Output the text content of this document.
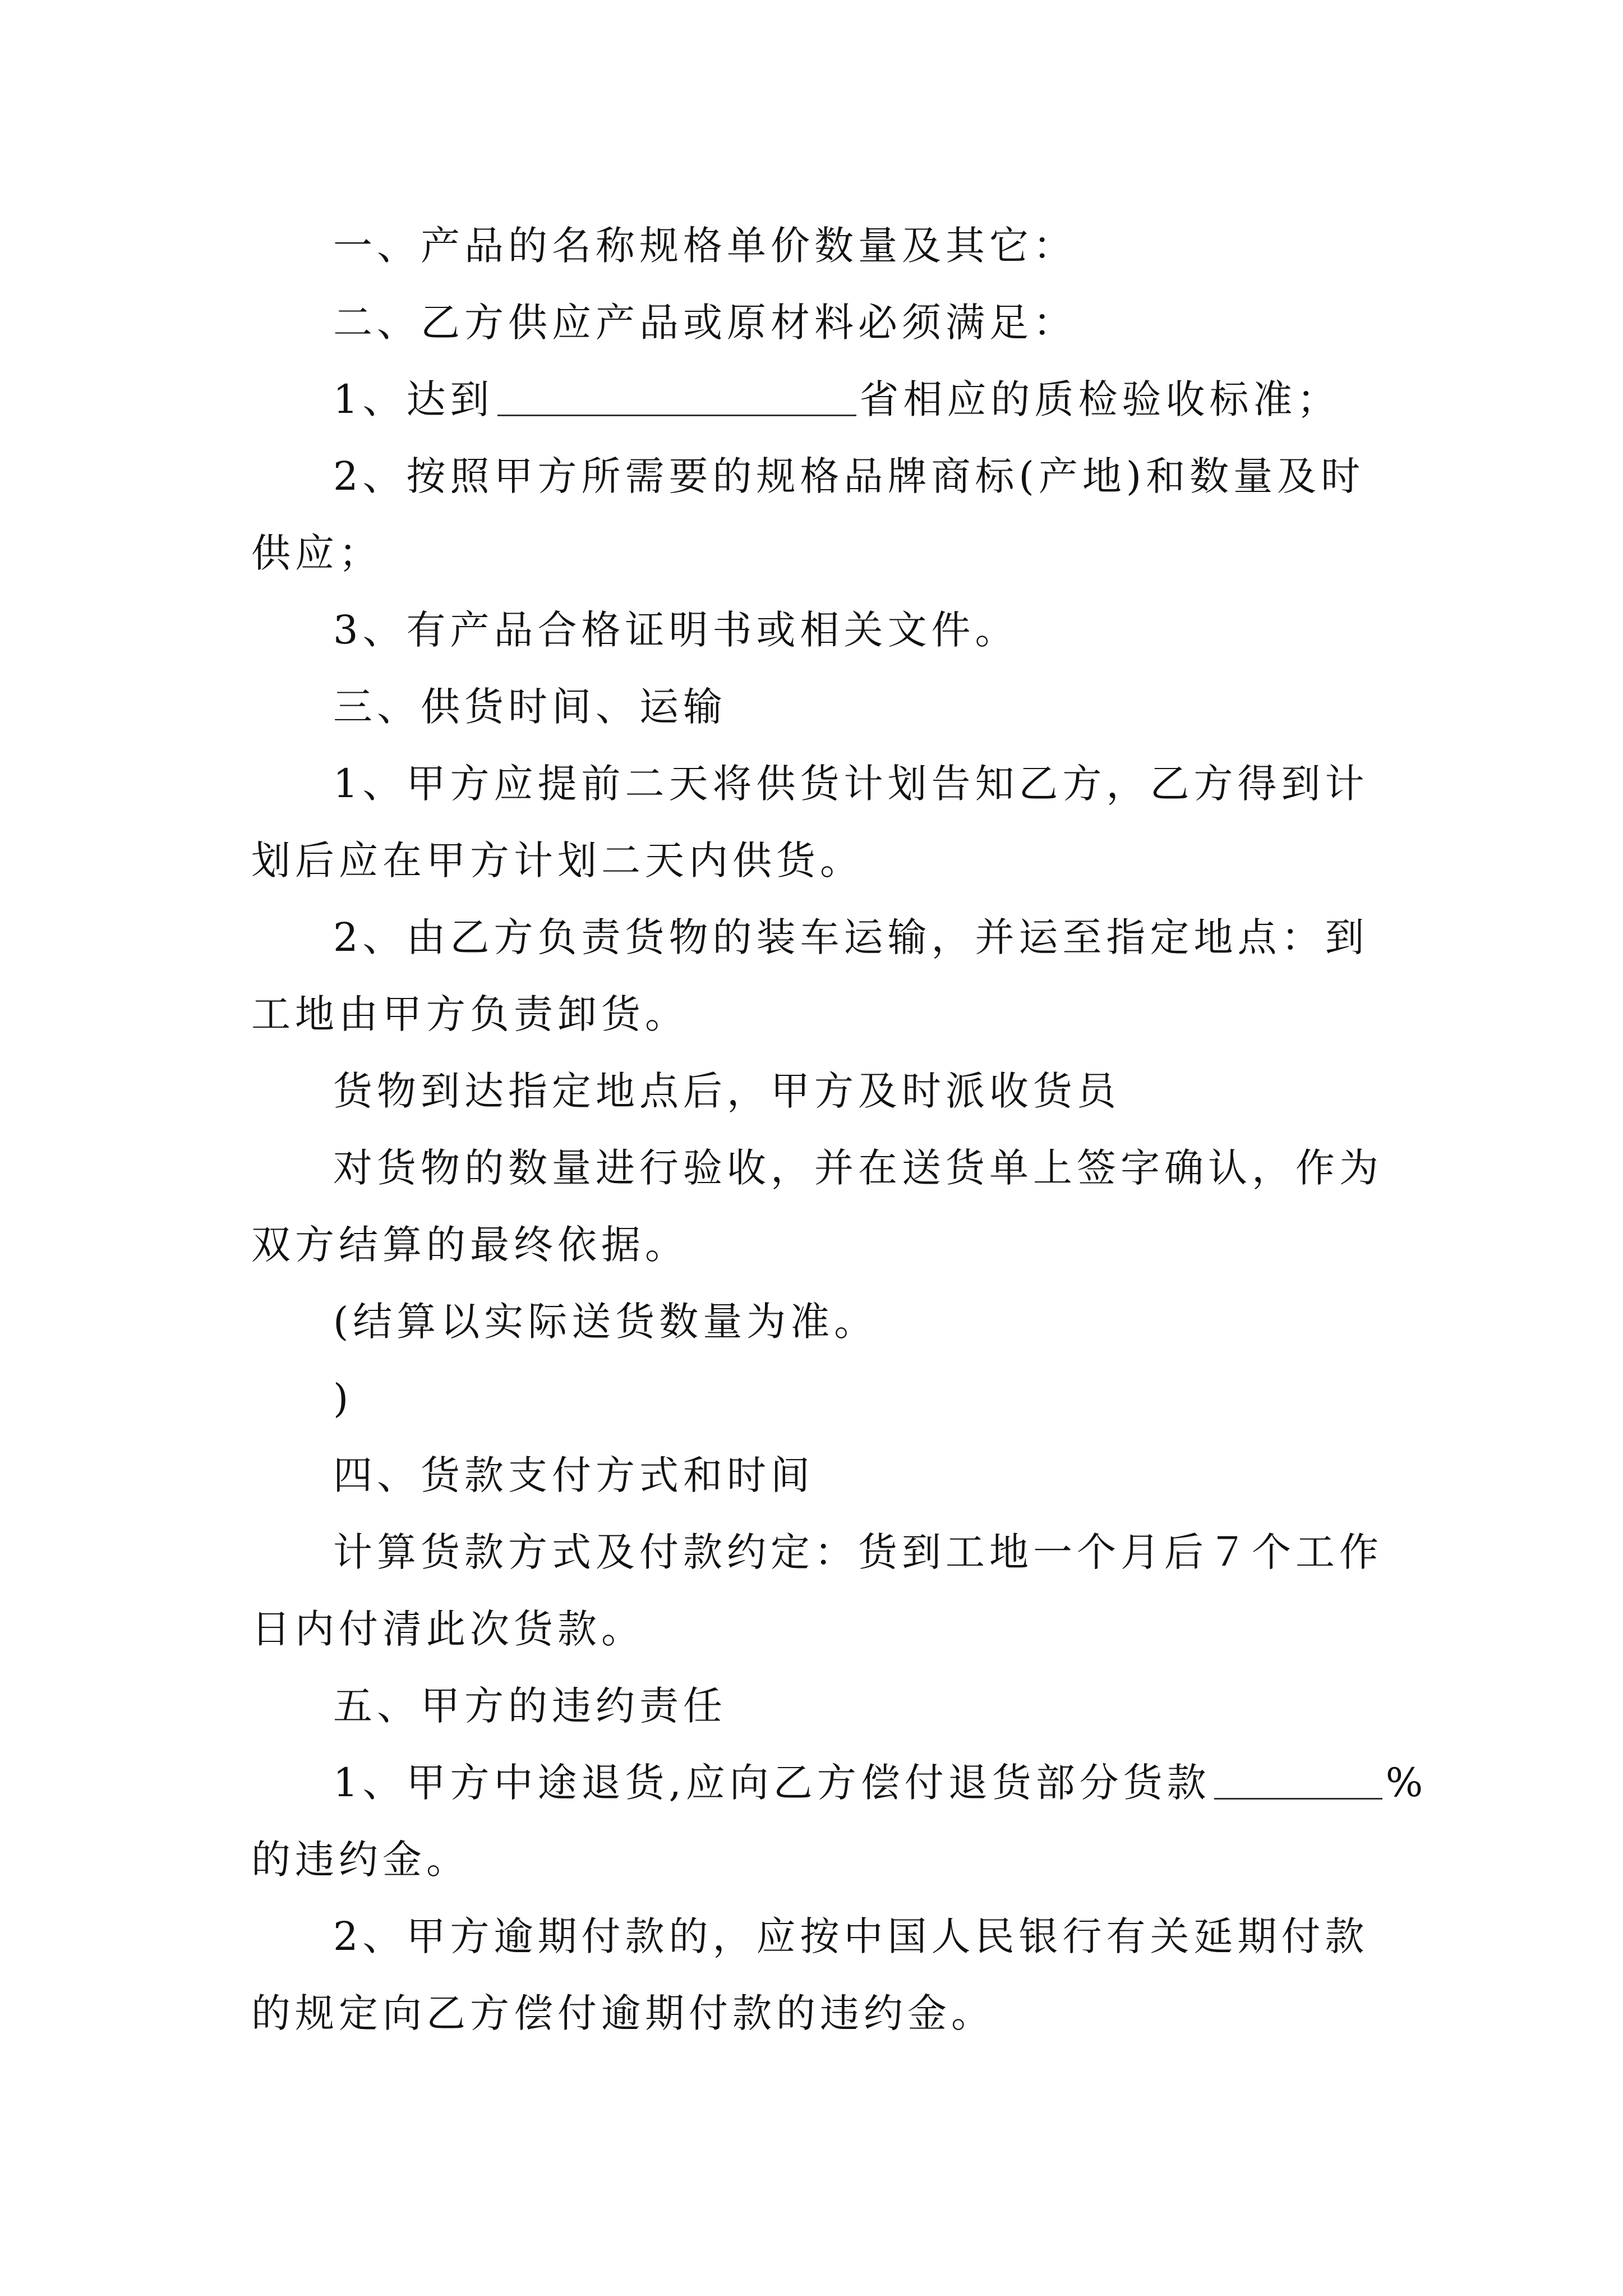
一、产品的名称规格单价数量及其它：
二、乙方供应产品或原材料必须满足：
1、达到	省相应的质检验收标准；
2、按照甲方所需要的规格品牌商标(产地)和数量及时
供应；
3、有产品合格证明书或相关文件。
三、供货时间、运输
1、甲方应提前二天将供货计划告知乙方，乙方得到计
划后应在甲方计划二天内供货。
2、由乙方负责货物的装车运输，并运至指定地点：到
工地由甲方负责卸货。
货物到达指定地点后，甲方及时派收货员
对货物的数量进行验收，并在送货单上签字确认，作为
双方结算的最终依据。
(结算以实际送货数量为准。
)
四、货款支付方式和时间
计算货款方式及付款约定：货到工地一个月后７个工作
日内付清此次货款。
五、甲方的违约责任
1、甲方中途退货,应向乙方偿付退货部分货款	%
的违约金。
2、甲方逾期付款的，应按中国人民银行有关延期付款
的规定向乙方偿付逾期付款的违约金。
